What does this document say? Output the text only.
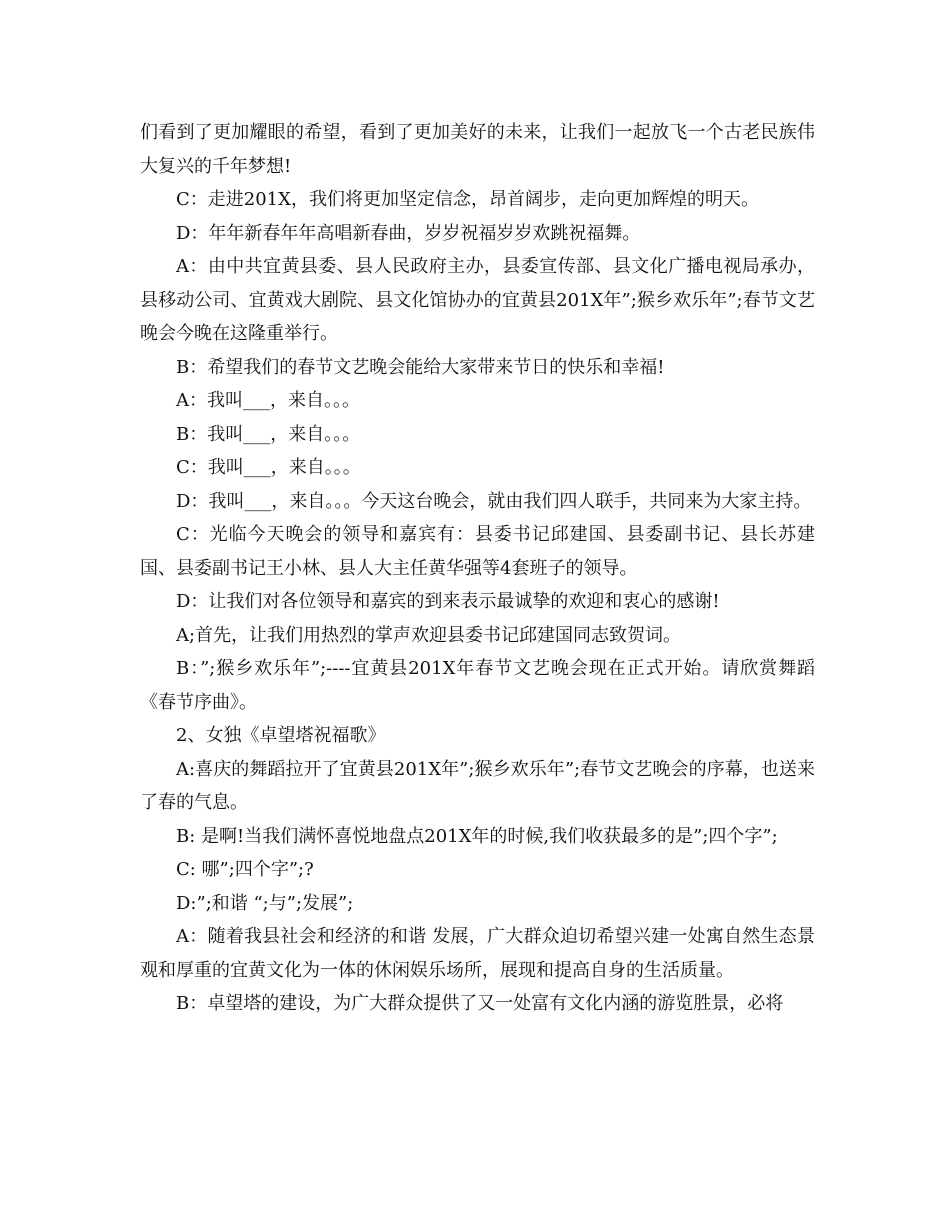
们看到了更加耀眼的希望，看到了更加美好的未来，让我们一起放飞一个古老民族伟大复兴的千年梦想!

C：走进201X，我们将更加坚定信念，昂首阔步，走向更加辉煌的明天。

D：年年新春年年高唱新春曲，岁岁祝福岁岁欢跳祝福舞。

A：由中共宜黄县委、县人民政府主办，县委宣传部、县文化广播电视局承办，县移动公司、宜黄戏大剧院、县文化馆协办的宜黄县201X年”;猴乡欢乐年”;春节文艺晚会今晚在这隆重举行。

B：希望我们的春节文艺晚会能给大家带来节日的快乐和幸福!

A：我叫___，来自。。。

B：我叫___，来自。。。

C：我叫___，来自。。。

D：我叫___，来自。。。今天这台晚会，就由我们四人联手，共同来为大家主持。

C：光临今天晚会的领导和嘉宾有：县委书记邱建国、县委副书记、县长苏建国、县委副书记王小林、县人大主任黄华强等4套班子的领导。

D：让我们对各位领导和嘉宾的到来表示最诚挚的欢迎和衷心的感谢!

A;首先，让我们用热烈的掌声欢迎县委书记邱建国同志致贺词。

B：”;猴乡欢乐年”;----宜黄县201X年春节文艺晚会现在正式开始。请欣赏舞蹈《春节序曲》。

2、女独《卓望塔祝福歌》

A:喜庆的舞蹈拉开了宜黄县201X年”;猴乡欢乐年”;春节文艺晚会的序幕，也送来了春的气息。

B: 是啊!当我们满怀喜悦地盘点201X年的时候,我们收获最多的是”;四个字”;

C: 哪”;四个字”;?

D:”;和谐 “;与”;发展”;

A：随着我县社会和经济的和谐 发展，广大群众迫切希望兴建一处寓自然生态景观和厚重的宜黄文化为一体的休闲娱乐场所，展现和提高自身的生活质量。

B：卓望塔的建设，为广大群众提供了又一处富有文化内涵的游览胜景，必将
